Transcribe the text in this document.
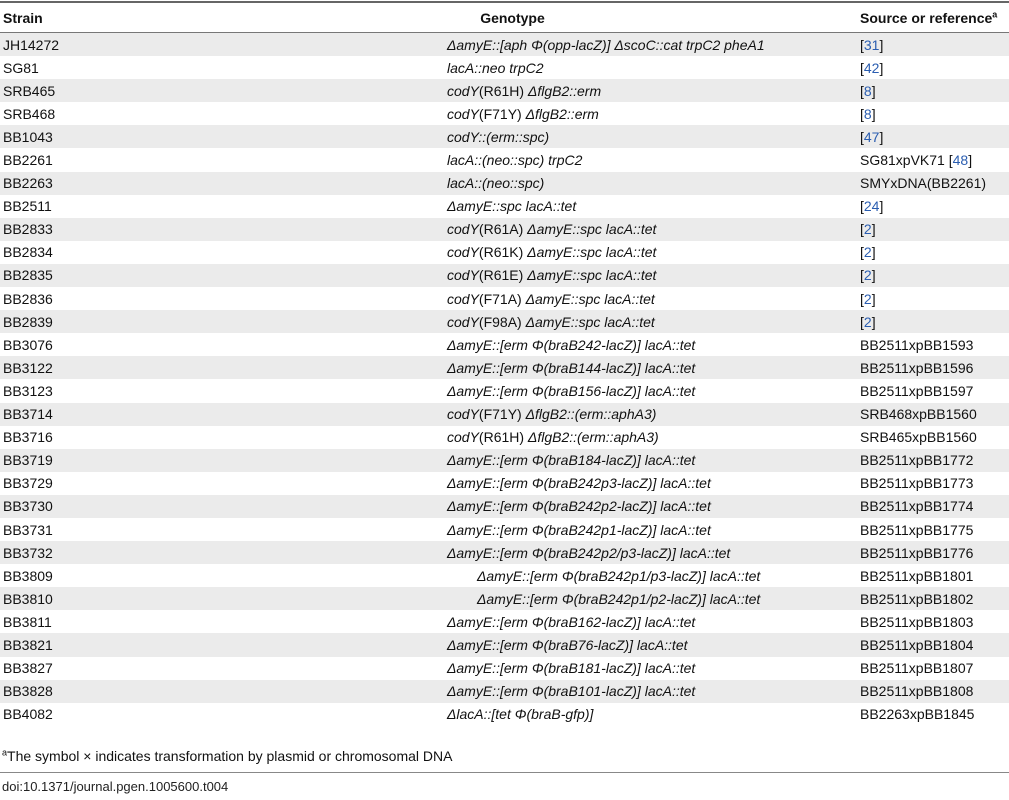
Strain	Genotype	Source or reference$^a$
JH14272	ΔamyE::[aph Φ(opp-lacZ)] ΔscoC::cat trpC2 pheA1	[31]
SG81	lacA::neo trpC2	[42]
SRB465	codY(R61H) ΔflgB2::erm	[8]
SRB468	codY(F71Y) ΔflgB2::erm	[8]
BB1043	codY::(erm::spc)	[47]
BB2261	lacA::(neo::spc) trpC2	SG81xpVK71 [48]
BB2263	lacA::(neo::spc)	SMYxDNA(BB2261)
BB2511	ΔamyE::spc lacA::tet	[24]
BB2833	codY(R61A) ΔamyE::spc lacA::tet	[2]
BB2834	codY(R61K) ΔamyE::spc lacA::tet	[2]
BB2835	codY(R61E) ΔamyE::spc lacA::tet	[2]
BB2836	codY(F71A) ΔamyE::spc lacA::tet	[2]
BB2839	codY(F98A) ΔamyE::spc lacA::tet	[2]
BB3076	ΔamyE::[erm Φ(braB242-lacZ)] lacA::tet	BB2511xpBB1593
BB3122	ΔamyE::[erm Φ(braB144-lacZ)] lacA::tet	BB2511xpBB1596
BB3123	ΔamyE::[erm Φ(braB156-lacZ)] lacA::tet	BB2511xpBB1597
BB3714	codY(F71Y) ΔflgB2::(erm::aphA3)	SRB468xpBB1560
BB3716	codY(R61H) ΔflgB2::(erm::aphA3)	SRB465xpBB1560
BB3719	ΔamyE::[erm Φ(braB184-lacZ)] lacA::tet	BB2511xpBB1772
BB3729	ΔamyE::[erm Φ(braB242p3-lacZ)] lacA::tet	BB2511xpBB1773
BB3730	ΔamyE::[erm Φ(braB242p2-lacZ)] lacA::tet	BB2511xpBB1774
BB3731	ΔamyE::[erm Φ(braB242p1-lacZ)] lacA::tet	BB2511xpBB1775
BB3732	ΔamyE::[erm Φ(braB242p2/p3-lacZ)] lacA::tet	BB2511xpBB1776
BB3809	ΔamyE::[erm Φ(braB242p1/p3-lacZ)] lacA::tet	BB2511xpBB1801
BB3810	ΔamyE::[erm Φ(braB242p1/p2-lacZ)] lacA::tet	BB2511xpBB1802
BB3811	ΔamyE::[erm Φ(braB162-lacZ)] lacA::tet	BB2511xpBB1803
BB3821	ΔamyE::[erm Φ(braB76-lacZ)] lacA::tet	BB2511xpBB1804
BB3827	ΔamyE::[erm Φ(braB181-lacZ)] lacA::tet	BB2511xpBB1807
BB3828	ΔamyE::[erm Φ(braB101-lacZ)] lacA::tet	BB2511xpBB1808
BB4082	ΔlacA::[tet Φ(braB-gfp)]	BB2263xpBB1845
$^a$The symbol × indicates transformation by plasmid or chromosomal DNA
doi:10.1371/journal.pgen.1005600.t004
